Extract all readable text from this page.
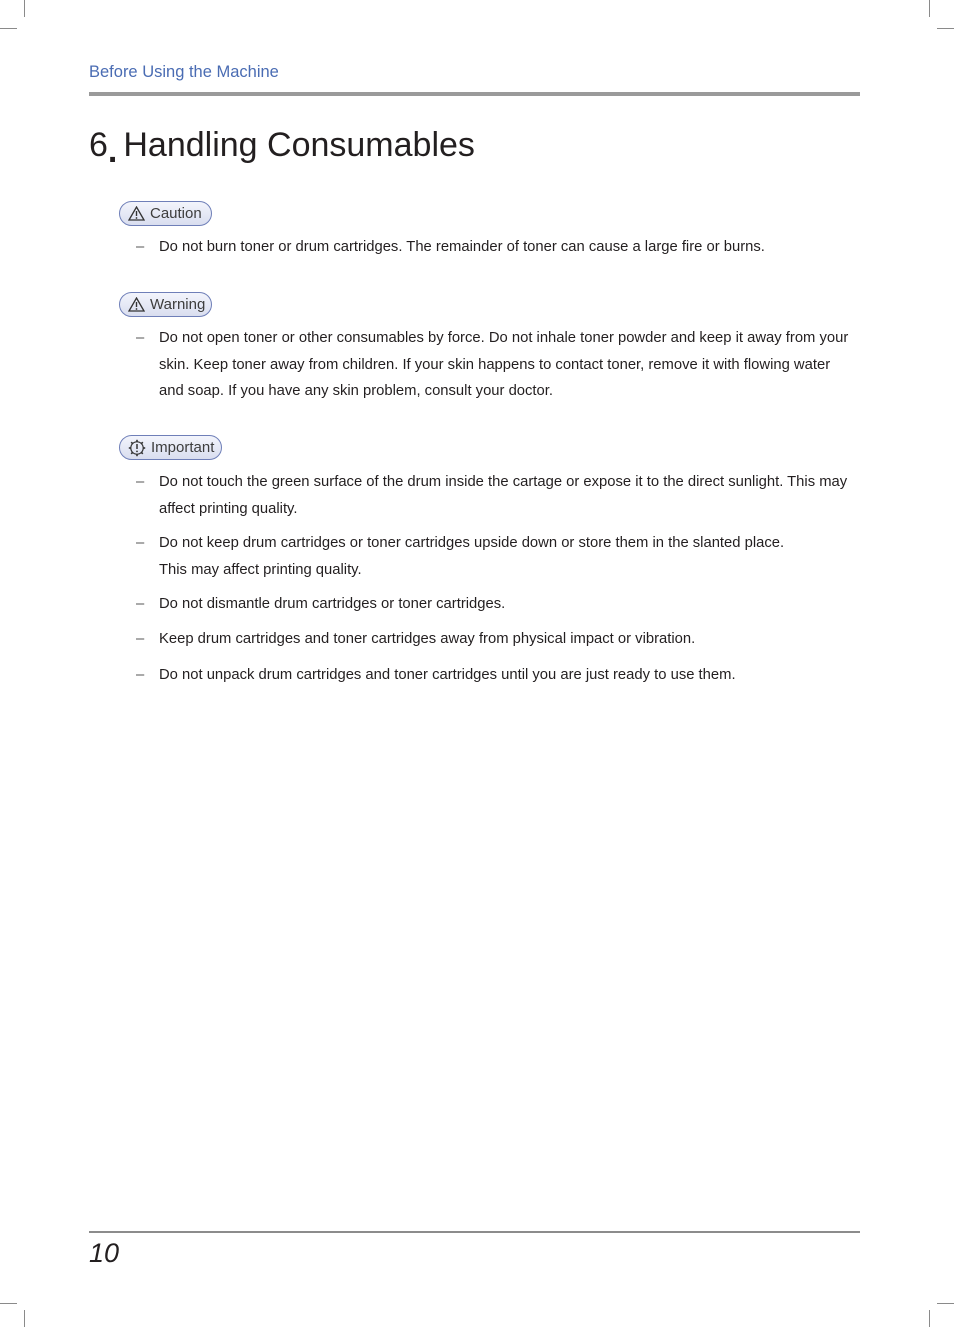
Before Using the Machine
6. Handling Consumables
Caution
– Do not burn toner or drum cartridges. The remainder of toner can cause a large fire or burns.
Warning
– Do not open toner or other consumables by force. Do not inhale toner powder and keep it away from your skin. Keep toner away from children. If your skin happens to contact toner, remove it with flowing water and soap. If you have any skin problem, consult your doctor.
Important
– Do not touch the green surface of the drum inside the cartage or expose it to the direct sunlight. This may affect printing quality.
– Do not keep drum cartridges or toner cartridges upside down or store them in the slanted place. This may affect printing quality.
– Do not dismantle drum cartridges or toner cartridges.
– Keep drum cartridges and toner cartridges away from physical impact or vibration.
– Do not unpack drum cartridges and toner cartridges until you are just ready to use them.
10
